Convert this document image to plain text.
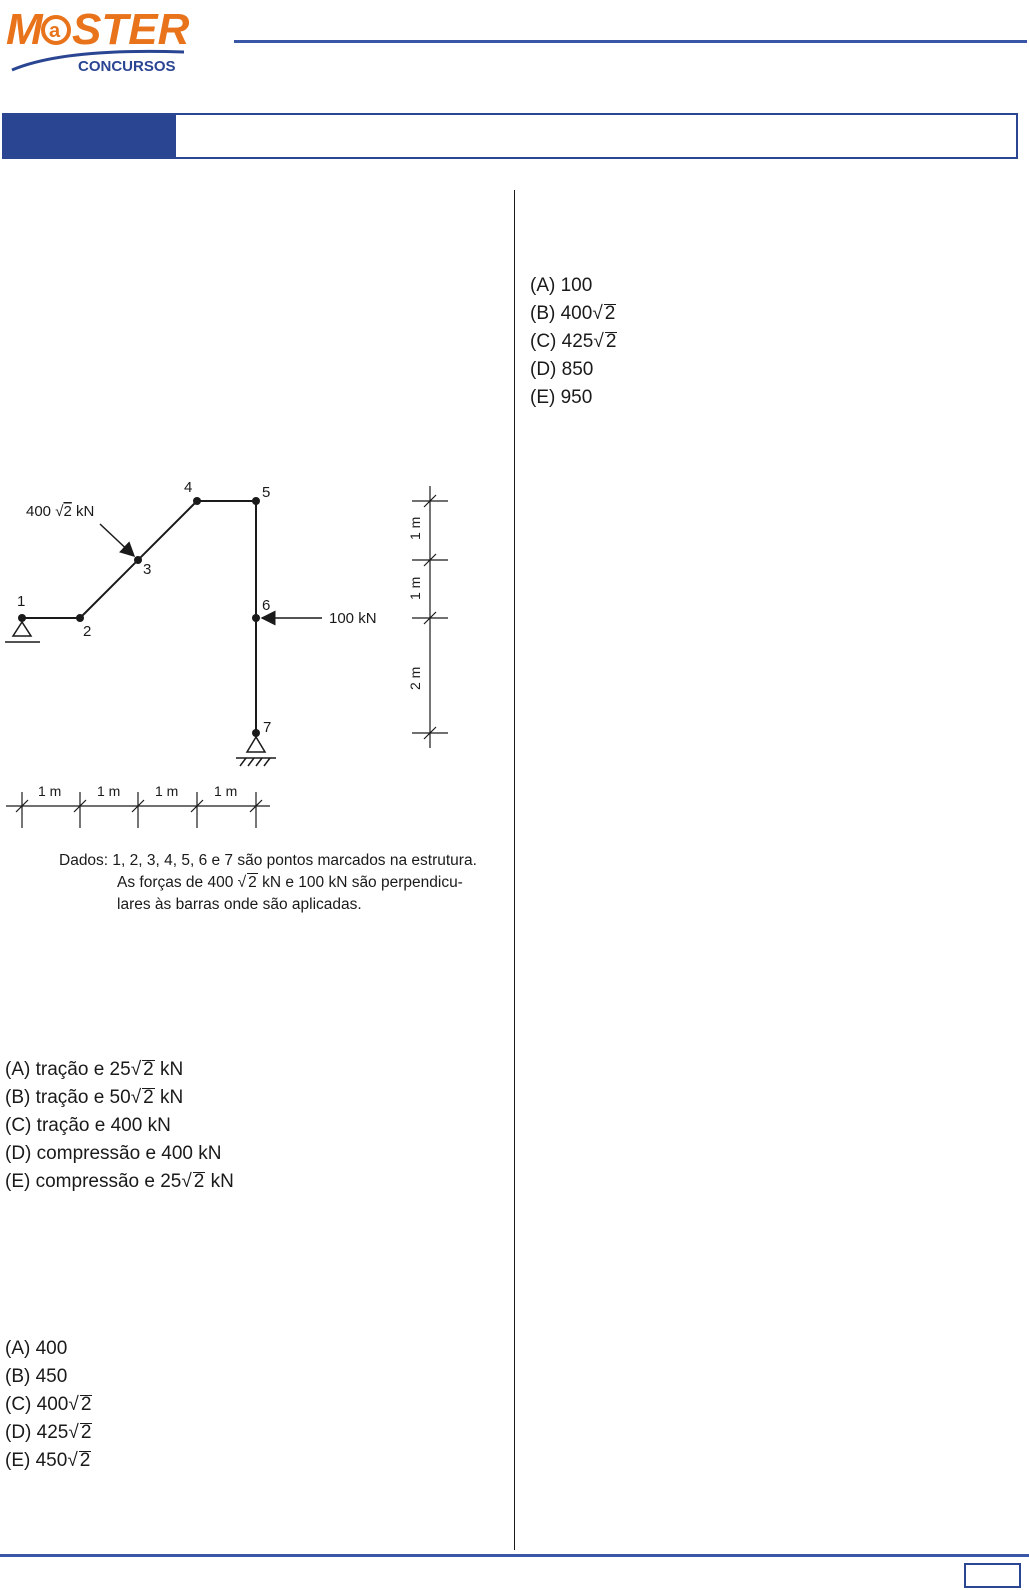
M a STER
CONCURSOS
(A) 100
(B) 400√ 2
(C) 425√ 2
(D) 850
(E) 950
1
2
3
4	5
6
7
400 √2 kN
100 kN
1 m
1 m
2 m
1 m	1 m 1 m	1 m
Dados: 1, 2, 3, 4, 5, 6 e 7 são pontos marcados na estrutura.
As forças de 400 √ 2 kN e 100 kN são perpendicu-
lares às barras onde são aplicadas.
(A) tração e 25√ 2 kN
(B) tração e 50√ 2 kN
(C) tração e 400 kN
(D) compressão e 400 kN
(E) compressão e 25√ 2 kN
(A) 400
(B) 450
(C) 400√ 2
(D) 425√ 2
(E) 450√ 2
